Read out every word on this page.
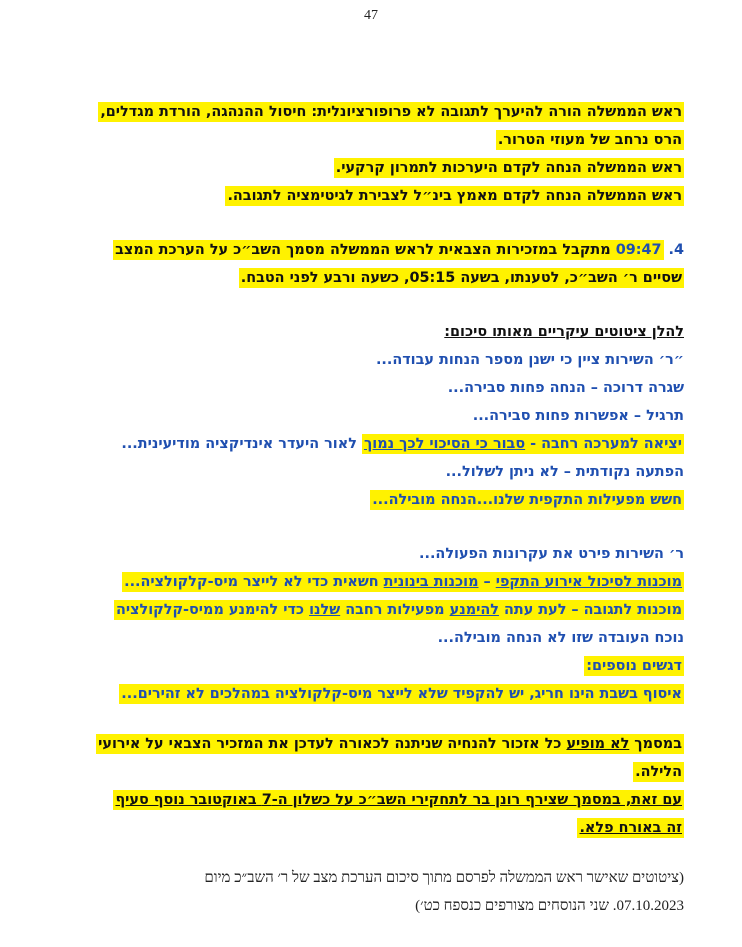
47
ראש הממשלה הורה להיערך לתגובה לא פרופורציונלית: חיסול ההנהגה, הורדת מגדלים,
הרס נרחב של מעוזי הטרור.
ראש הממשלה הנחה לקדם היערכות לתמרון קרקעי.
ראש הממשלה הנחה לקדם מאמץ בינ״ל לצבירת לגיטימציה לתגובה.
4. 09:47 מתקבל במזכירות הצבאית לראש הממשלה מסמך השב״כ על הערכת המצב
שסיים ר׳ השב״כ, לטענתו, בשעה 05:15, כשעה ורבע לפני הטבח.
להלן ציטוטים עיקריים מאותו סיכום:
״ר׳ השירות ציין כי ישנן מספר הנחות עבודה...
שגרה דרוכה – הנחה פחות סבירה...
תרגיל – אפשרות פחות סבירה...
יציאה למערכה רחבה - סבור כי הסיכוי לכך נמוך לאור היעדר אינדיקציה מודיעינית...
הפתעה נקודתית – לא ניתן לשלול...
חשש מפעילות התקפית שלנו...הנחה מובילה...
ר׳ השירות פירט את עקרונות הפעולה...
מוכנות לסיכול אירוע התקפי – מוכנות בינונית חשאית כדי לא לייצר מיס-קלקולציה...
מוכנות לתגובה – לעת עתה להימנע מפעילות רחבה שלנו כדי להימנע ממיס-קלקולציה
נוכח העובדה שזו לא הנחה מובילה...
דגשים נוספים:
איסוף בשבת הינו חריג, יש להקפיד שלא לייצר מיס-קלקולציה במהלכים לא זהירים...
במסמך לא מופיע כל אזכור להנחיה שניתנה לכאורה לעדכן את המזכיר הצבאי על אירועי
הלילה.
עם זאת, במסמך שצירף רונן בר לתחקירי השב״כ על כשלון ה-7 באוקטובר נוסף סעיף
זה באורח פלא.
(ציטוטים שאישר ראש הממשלה לפרסם מתוך סיכום הערכת מצב של ר׳ השב״כ מיום
07.10.2023. שני הנוסחים מצורפים כנספח כט׳)
